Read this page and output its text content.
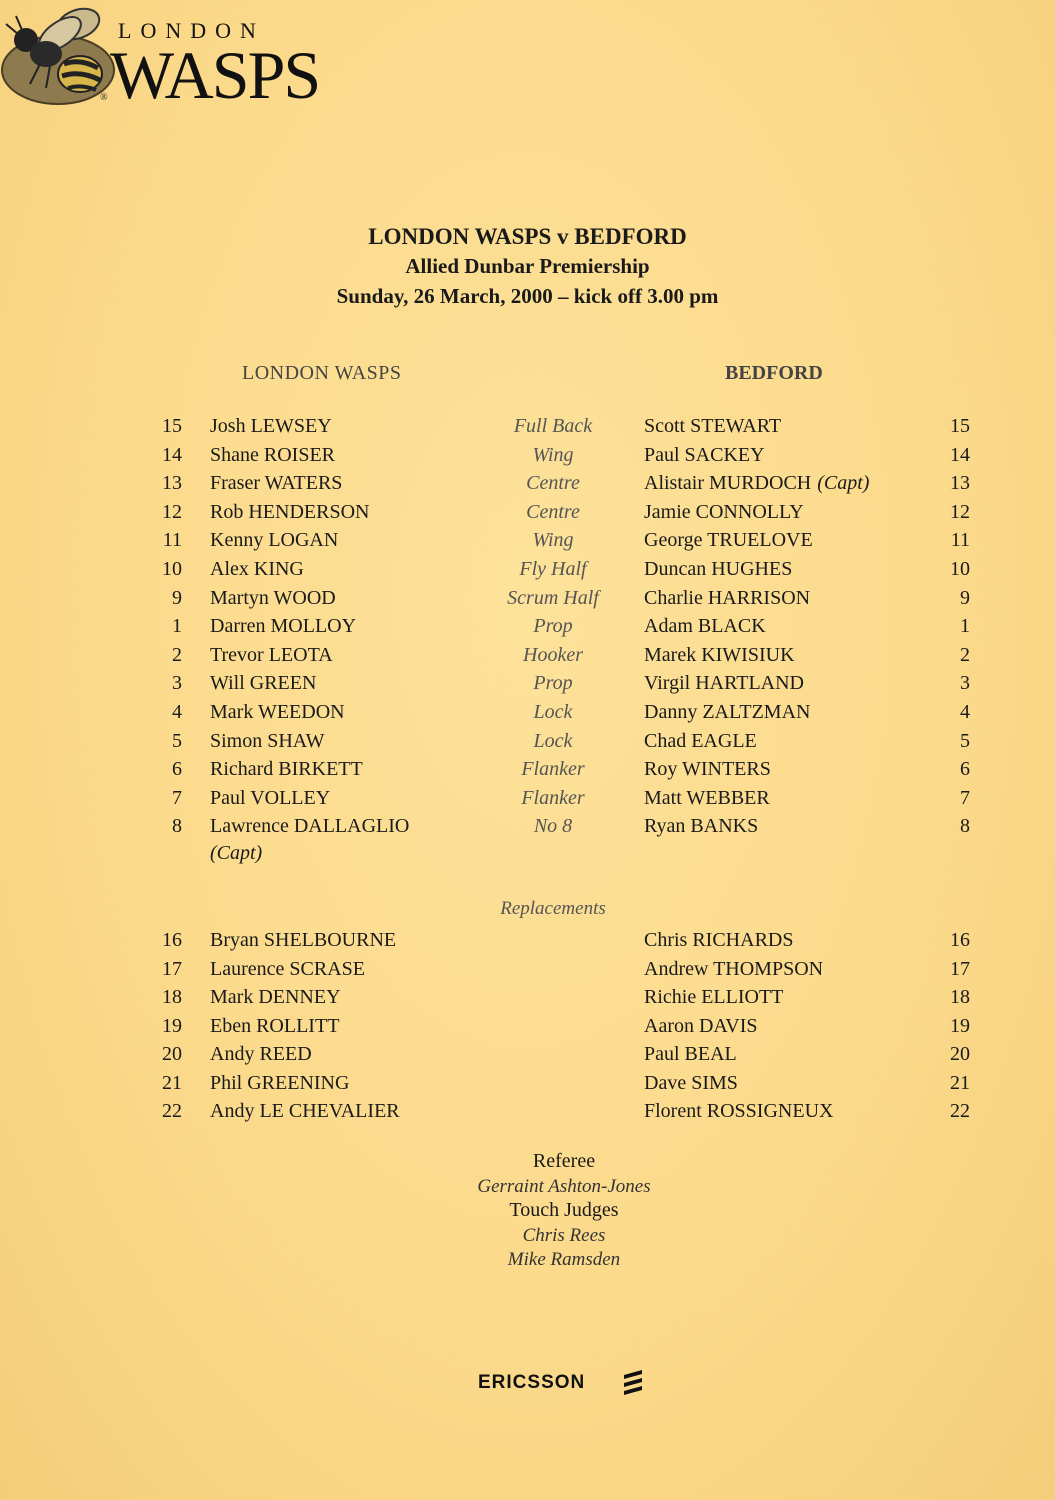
LONDON
WASPS
®
LONDON WASPS v BEDFORD
Allied Dunbar Premiership
Sunday, 26 March, 2000 – kick off 3.00 pm
LONDON WASPS	BEDFORD
15 Josh LEWSEY	Full Back	Scott STEWART	15
14 Shane ROISER	Wing	Paul SACKEY	14
13 Fraser WATERS	Centre	Alistair MURDOCH (Capt)	13
12 Rob HENDERSON	Centre	Jamie CONNOLLY	12
11 Kenny LOGAN	Wing	George TRUELOVE	11
10 Alex KING	Fly Half	Duncan HUGHES	10
9 Martyn WOOD	Scrum Half	Charlie HARRISON	9
1 Darren MOLLOY	Prop	Adam BLACK	1
2 Trevor LEOTA	Hooker	Marek KIWISIUK	2
3 Will GREEN	Prop	Virgil HARTLAND	3
4 Mark WEEDON	Lock	Danny ZALTZMAN	4
5 Simon SHAW	Lock	Chad EAGLE	5
6 Richard BIRKETT	Flanker	Roy WINTERS	6
7 Paul VOLLEY	Flanker	Matt WEBBER	7
8 Lawrence DALLAGLIO	No 8	Ryan BANKS	8
(Capt)
Replacements
16 Bryan SHELBOURNE	Chris RICHARDS	16
17 Laurence SCRASE	Andrew THOMPSON	17
18 Mark DENNEY	Richie ELLIOTT	18
19 Eben ROLLITT	Aaron DAVIS	19
20 Andy REED	Paul BEAL	20
21 Phil GREENING	Dave SIMS	21
22 Andy LE CHEVALIER	Florent ROSSIGNEUX	22
Referee
Gerraint Ashton-Jones
Touch Judges
Chris Rees
Mike Ramsden
ERICSSON
